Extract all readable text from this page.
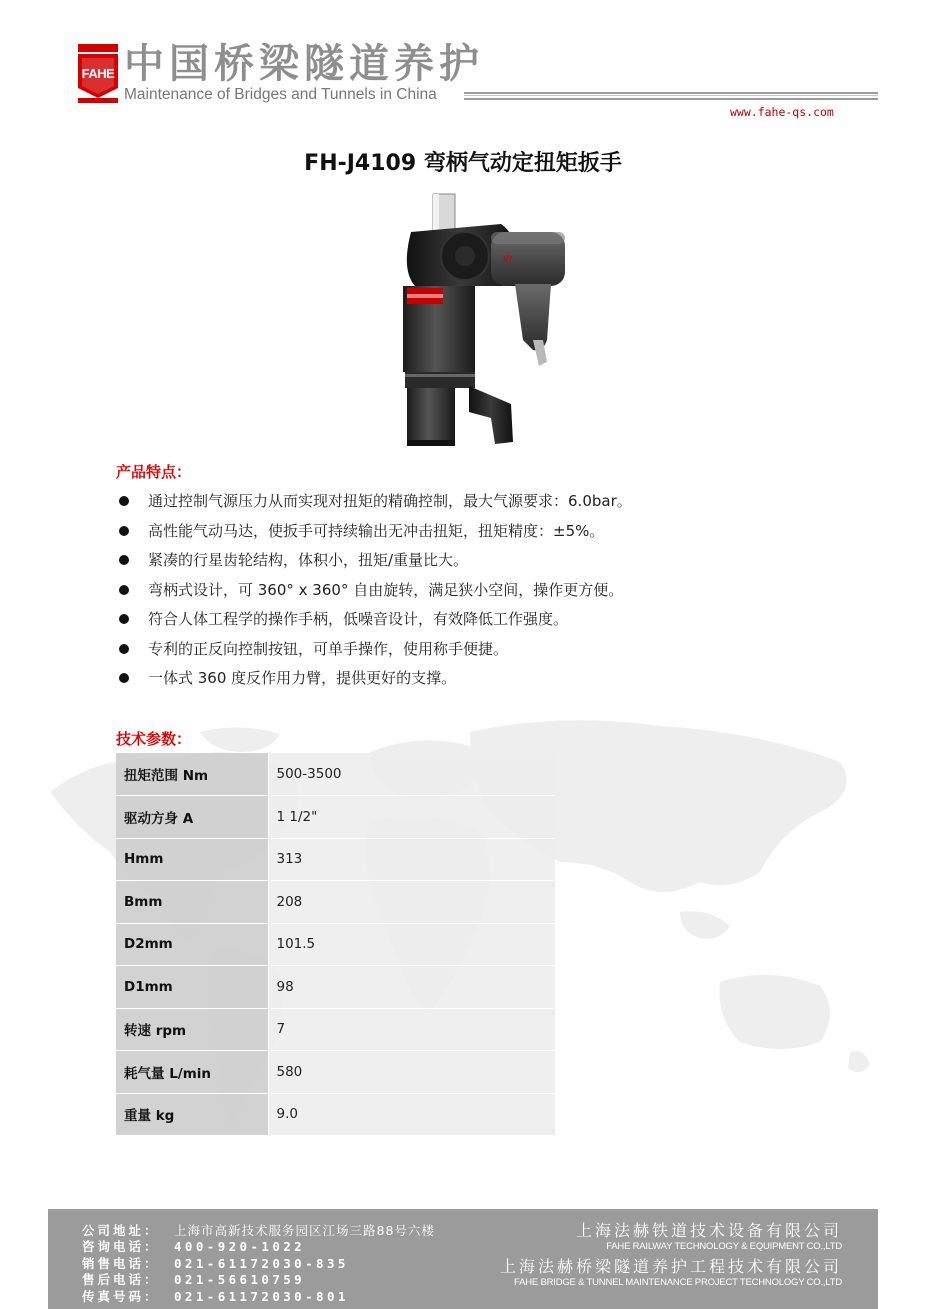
FAHE 中国桥梁隧道养护
Maintenance of Bridges and Tunnels in China
www.fahe-qs.com
FH-J4109 弯柄气动定扭矩扳手
IR
产品特点：
通过控制气源压力从而实现对扭矩的精确控制，最大气源要求：6.0bar。
高性能气动马达，使扳手可持续输出无冲击扭矩，扭矩精度：±5%。
紧凑的行星齿轮结构，体积小，扭矩/重量比大。
弯柄式设计，可 360° x 360° 自由旋转，满足狭小空间，操作更方便。
符合人体工程学的操作手柄，低噪音设计，有效降低工作强度。
专利的正反向控制按钮，可单手操作，使用称手便捷。
一体式 360 度反作用力臂，提供更好的支撑。
技术参数：
扭矩范围 Nm	500-3500
驱动方身 A	1 1/2"
Hmm	313
Bmm	208
D2mm	101.5
D1mm	98
转速 rpm	7
耗气量 L/min	580
重量 kg	9.0
公司地址：	上海市高新技术服务园区江场三路88号六楼
咨询电话：	400-920-1022
销售电话：	021-61172030-835
售后电话：	021-56610759
传真号码：	021-61172030-801
上海法赫铁道技术设备有限公司
FAHE RAILWAY TECHNOLOGY & EQUIPMENT CO.,LTD
上海法赫桥梁隧道养护工程技术有限公司
FAHE BRIDGE & TUNNEL MAINTENANCE PROJECT TECHNOLOGY CO.,LTD
